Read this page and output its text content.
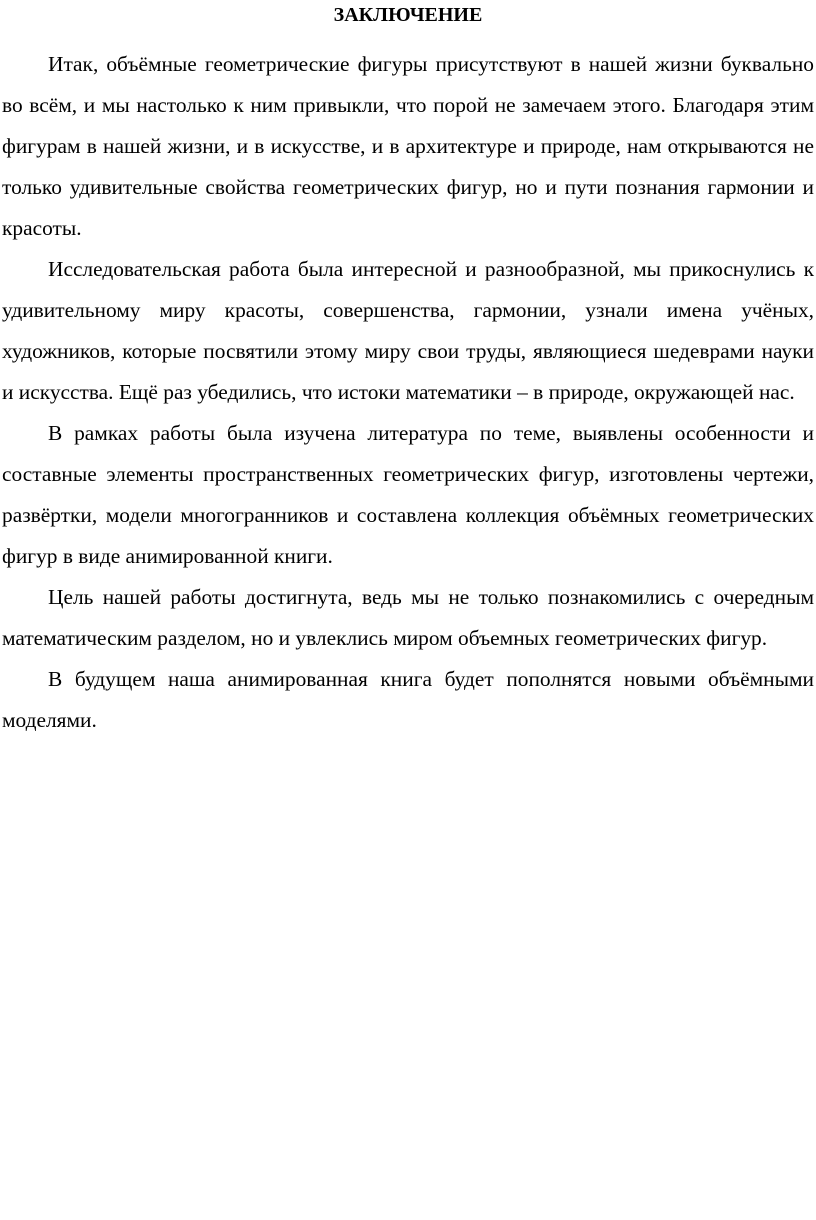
ЗАКЛЮЧЕНИЕ

Итак, объёмные геометрические фигуры присутствуют в нашей жизни буквально во всём, и мы настолько к ним привыкли, что порой не замечаем этого. Благодаря этим фигурам в нашей жизни, и в искусстве, и в архитектуре и природе, нам открываются не только удивительные свойства геометрических фигур, но и пути познания гармонии и красоты.

Исследовательская работа была интересной и разнообразной, мы прикоснулись к удивительному миру красоты, совершенства, гармонии, узнали имена учёных, художников, которые посвятили этому миру свои труды, являющиеся шедеврами науки и искусства. Ещё раз убедились, что истоки математики – в природе, окружающей нас.

В рамках работы была изучена литература по теме, выявлены особенности и составные элементы пространственных геометрических фигур, изготовлены чертежи, развёртки, модели многогранников и составлена коллекция объёмных геометрических фигур в виде анимированной книги.

Цель нашей работы достигнута, ведь мы не только познакомились с очередным математическим разделом, но и увлеклись миром объемных геометрических фигур.

В будущем наша анимированная книга будет пополнятся новыми объёмными моделями.
